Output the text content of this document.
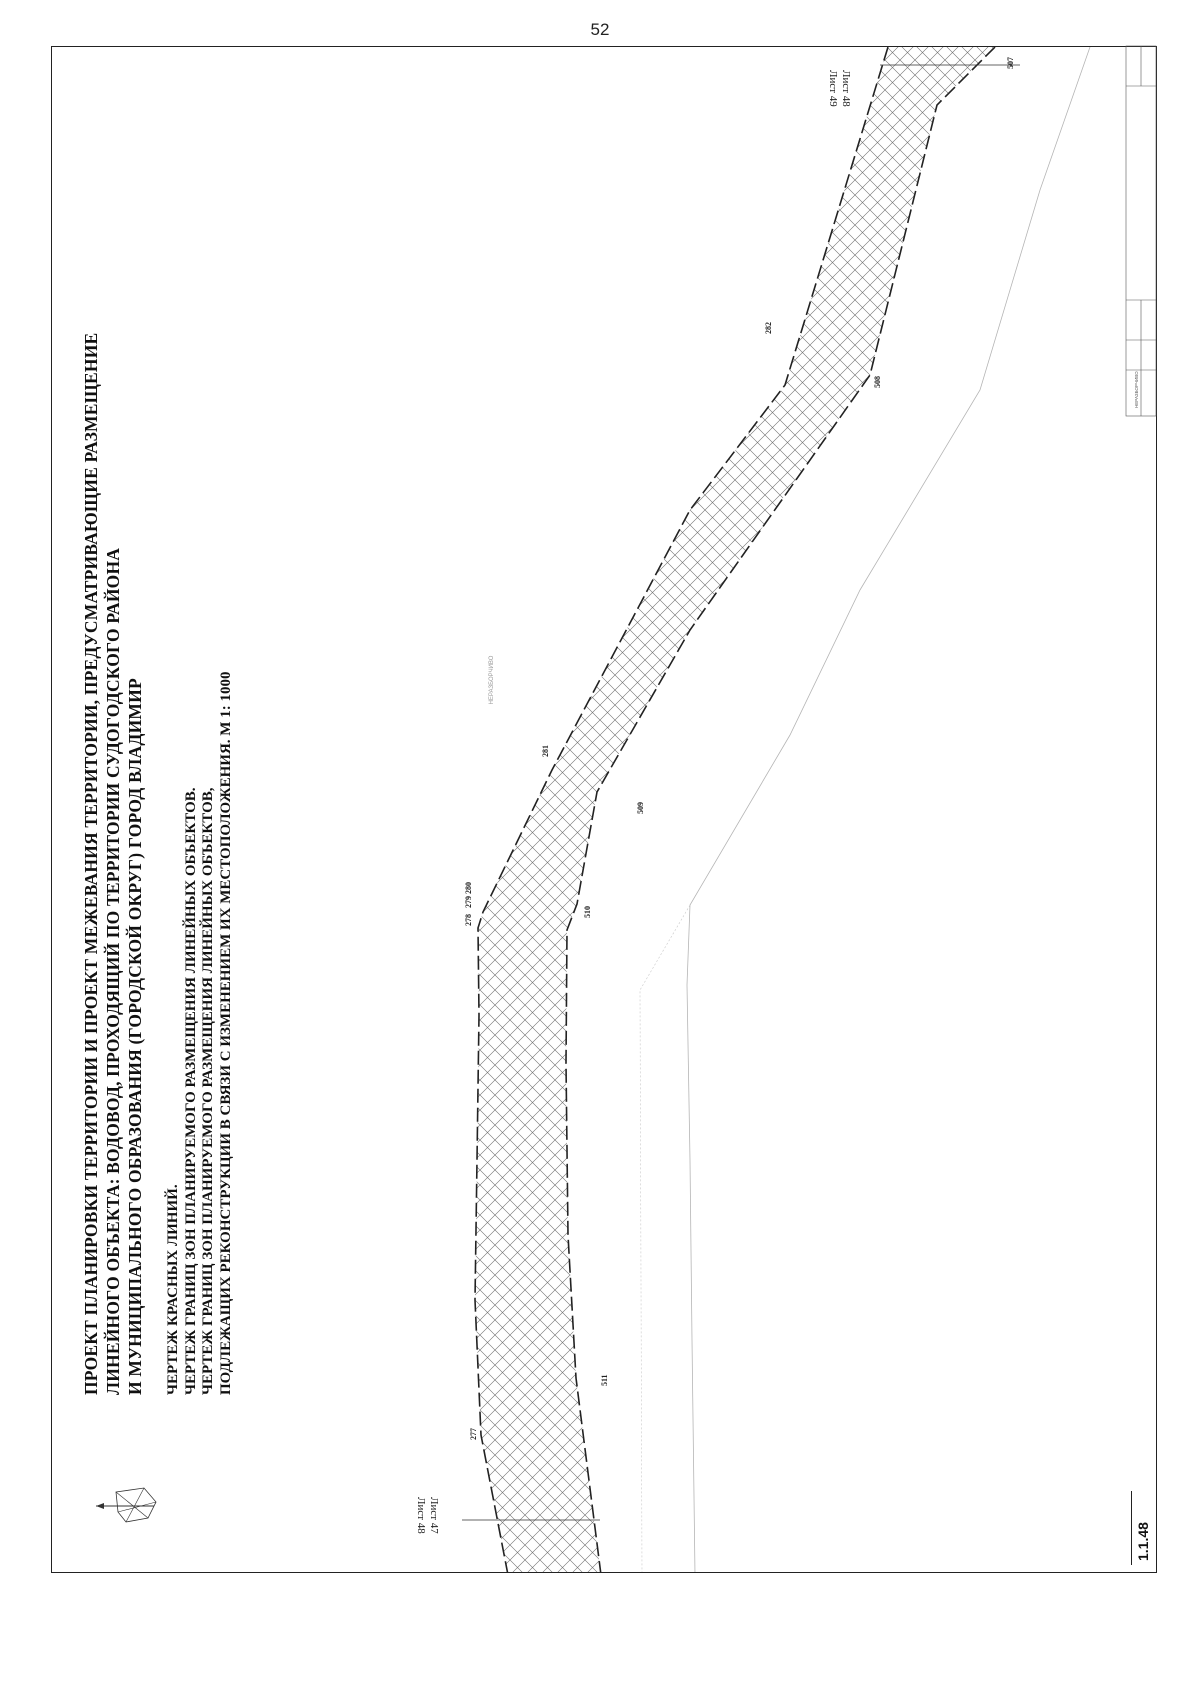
52
277
511
278
279
280
510
281
509
282
508
507

ПРОЕКТ ПЛАНИРОВКИ ТЕРРИТОРИИ И ПРОЕКТ МЕЖЕВАНИЯ ТЕРРИТОРИИ, ПРЕДУСМАТРИВАЮЩИЕ РАЗМЕЩЕНИЕ ЛИНЕЙНОГО ОБЪЕКТА: ВОДОВОД, ПРОХОДЯЩИЙ ПО ТЕРРИТОРИИ СУДОГОДСКОГО РАЙОНА И МУНИЦИПАЛЬНОГО ОБРАЗОВАНИЯ (ГОРОДСКОЙ ОКРУГ) ГОРОД ВЛАДИМИР ЧЕРТЕЖ КРАСНЫХ ЛИНИЙ. ЧЕРТЕЖ ГРАНИЦ ЗОН ПЛАНИРУЕМОГО РАЗМЕЩЕНИЯ ЛИНЕЙНЫХ ОБЪЕКТОВ. ЧЕРТЕЖ ГРАНИЦ ЗОН ПЛАНИРУЕМОГО РАЗМЕЩЕНИЯ ЛИНЕЙНЫХ ОБЪЕКТОВ, ПОДЛЕЖАЩИХ РЕКОНСТРУКЦИИ В СВЯЗИ С ИЗМЕНЕНИЕМ ИХ МЕСТОПОЛОЖЕНИЯ. М 1: 1000

Лист 47
Лист 48
Лист 48
Лист 49
НЕРАЗБОРЧИВО
НЕРАЗБОРЧИВО
1.1.48
